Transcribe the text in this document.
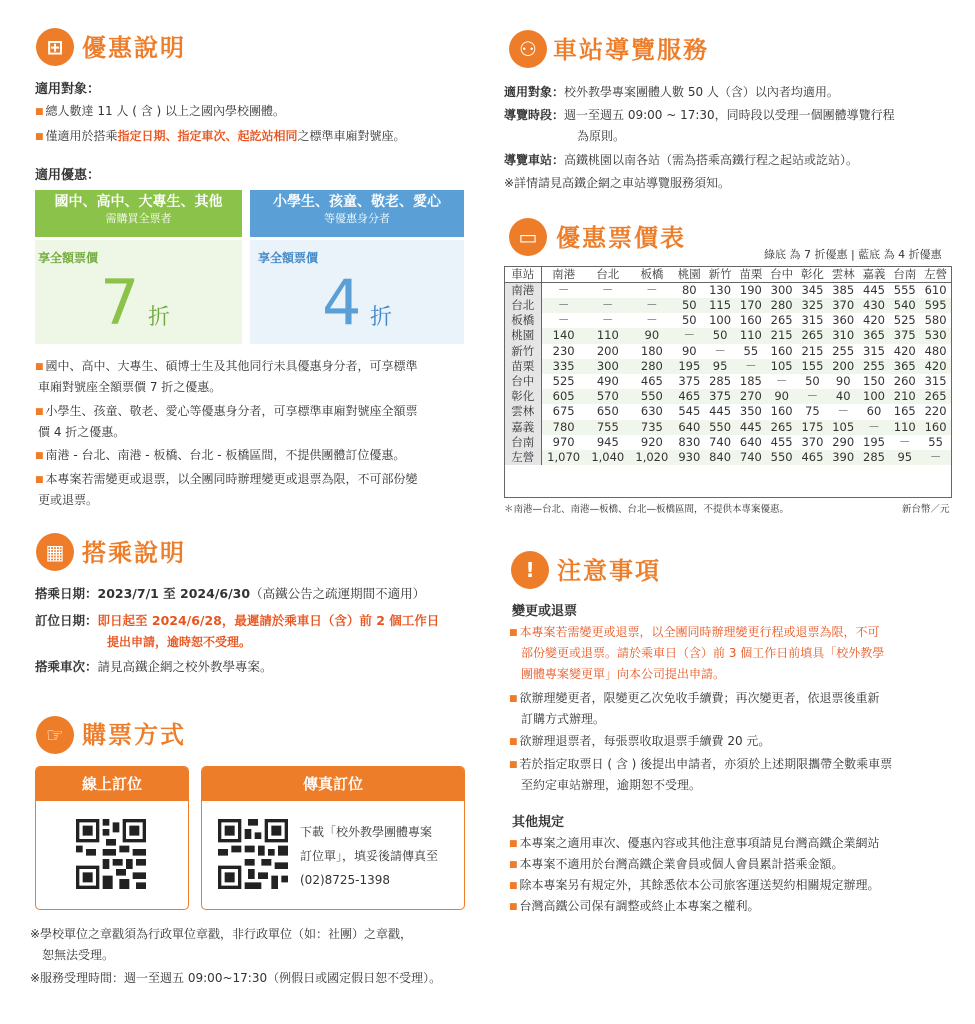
⊞ 優惠說明
適用對象：
■ 總人數達 11 人 ( 含 ) 以上之國內學校團體。
■ 僅適用於搭乘指定日期、指定車次、起訖站相同之標準車廂對號座。
適用優惠：
國中、高中、大專生、其他
需購買全票者
小學生、孩童、敬老、愛心
等優惠身分者
享全額票價	享全額票價
7 折 4 折
■ 國中、高中、大專生、碩博士生及其他同行未具優惠身分者，可享標準
車廂對號座全額票價 7 折之優惠。
■ 小學生、孩童、敬老、愛心等優惠身分者，可享標準車廂對號座全額票
價 4 折之優惠。
■ 南港 - 台北、南港 - 板橋、台北 - 板橋區間，不提供團體訂位優惠。
■ 本專案若需變更或退票，以全團同時辦理變更或退票為限，不可部份變
更或退票。
▦ 搭乘說明
搭乘日期：2023/7/1 至 2024/6/30（高鐵公告之疏運期間不適用）
訂位日期：即日起至 2024/6/28，最遲請於乘車日（含）前 2 個工作日
提出申請，逾時恕不受理。
搭乘車次：請見高鐵企網之校外教學專案。
☞ 購票方式
線上訂位	傳真訂位
下載「校外教學團體專案
訂位單」，填妥後請傳真至
(02)8725-1398
※學校單位之章戳須為行政單位章戳，非行政單位（如：社團）之章戳，
恕無法受理。
※服務受理時間：週一至週五 09:00~17:30（例假日或國定假日恕不受理）。
⚇ 車站導覽服務
適用對象：校外教學專案團體人數 50 人（含）以內者均適用。
導覽時段：週一至週五 09:00 ~ 17:30，同時段以受理一個團體導覽行程
為原則。
導覽車站：高鐵桃園以南各站（需為搭乘高鐵行程之起站或訖站）。
※詳情請見高鐵企網之車站導覽服務須知。
▭ 優惠票價表
綠底 為 7 折優惠 | 藍底 為 4 折優惠
車站	南港	台北	板橋	桃園	新竹	苗栗	台中	彰化	雲林	嘉義	台南	左營
南港	－	－	－	80	130	190	300	345	385	445	555	610
台北	－	－	－	50	115	170	280	325	370	430	540	595
板橋	－	－	－	50	100	160	265	315	360	420	525	580
桃園	140	110	90	－	50	110	215	265	310	365	375	530
新竹	230	200	180	90	－	55	160	215	255	315	420	480
苗栗	335	300	280	195	95	－	105	155	200	255	365	420
台中	525	490	465	375	285	185	－	50	90	150	260	315
彰化	605	570	550	465	375	270	90	－	40	100	210	265
雲林	675	650	630	545	445	350	160	75	－	60	165	220
嘉義	780	755	735	640	550	445	265	175	105	－	110	160
台南	970	945	920	830	740	640	455	370	290	195	－	55
左營	1,070	1,040	1,020	930	840	740	550	465	390	285	95	－
＊南港—台北、南港—板橋、台北—板橋區間，不提供本專案優惠。	新台幣／元
! 注意事項
變更或退票
■ 本專案若需變更或退票，以全團同時辦理變更行程或退票為限，不可
部份變更或退票。請於乘車日（含）前 3 個工作日前填具「校外教學
團體專案變更單」向本公司提出申請。
■ 欲辦理變更者，限變更乙次免收手續費；再次變更者，依退票後重新
訂購方式辦理。
■ 欲辦理退票者，每張票收取退票手續費 20 元。
■ 若於指定取票日 ( 含 ) 後提出申請者，亦須於上述期限攜帶全數乘車票
至約定車站辦理，逾期恕不受理。
其他規定
■ 本專案之適用車次、優惠內容或其他注意事項請見台灣高鐵企業網站
■ 本專案不適用於台灣高鐵企業會員或個人會員累計搭乘金額。
■ 除本專案另有規定外，其餘悉依本公司旅客運送契約相關規定辦理。
■ 台灣高鐵公司保有調整或終止本專案之權利。
